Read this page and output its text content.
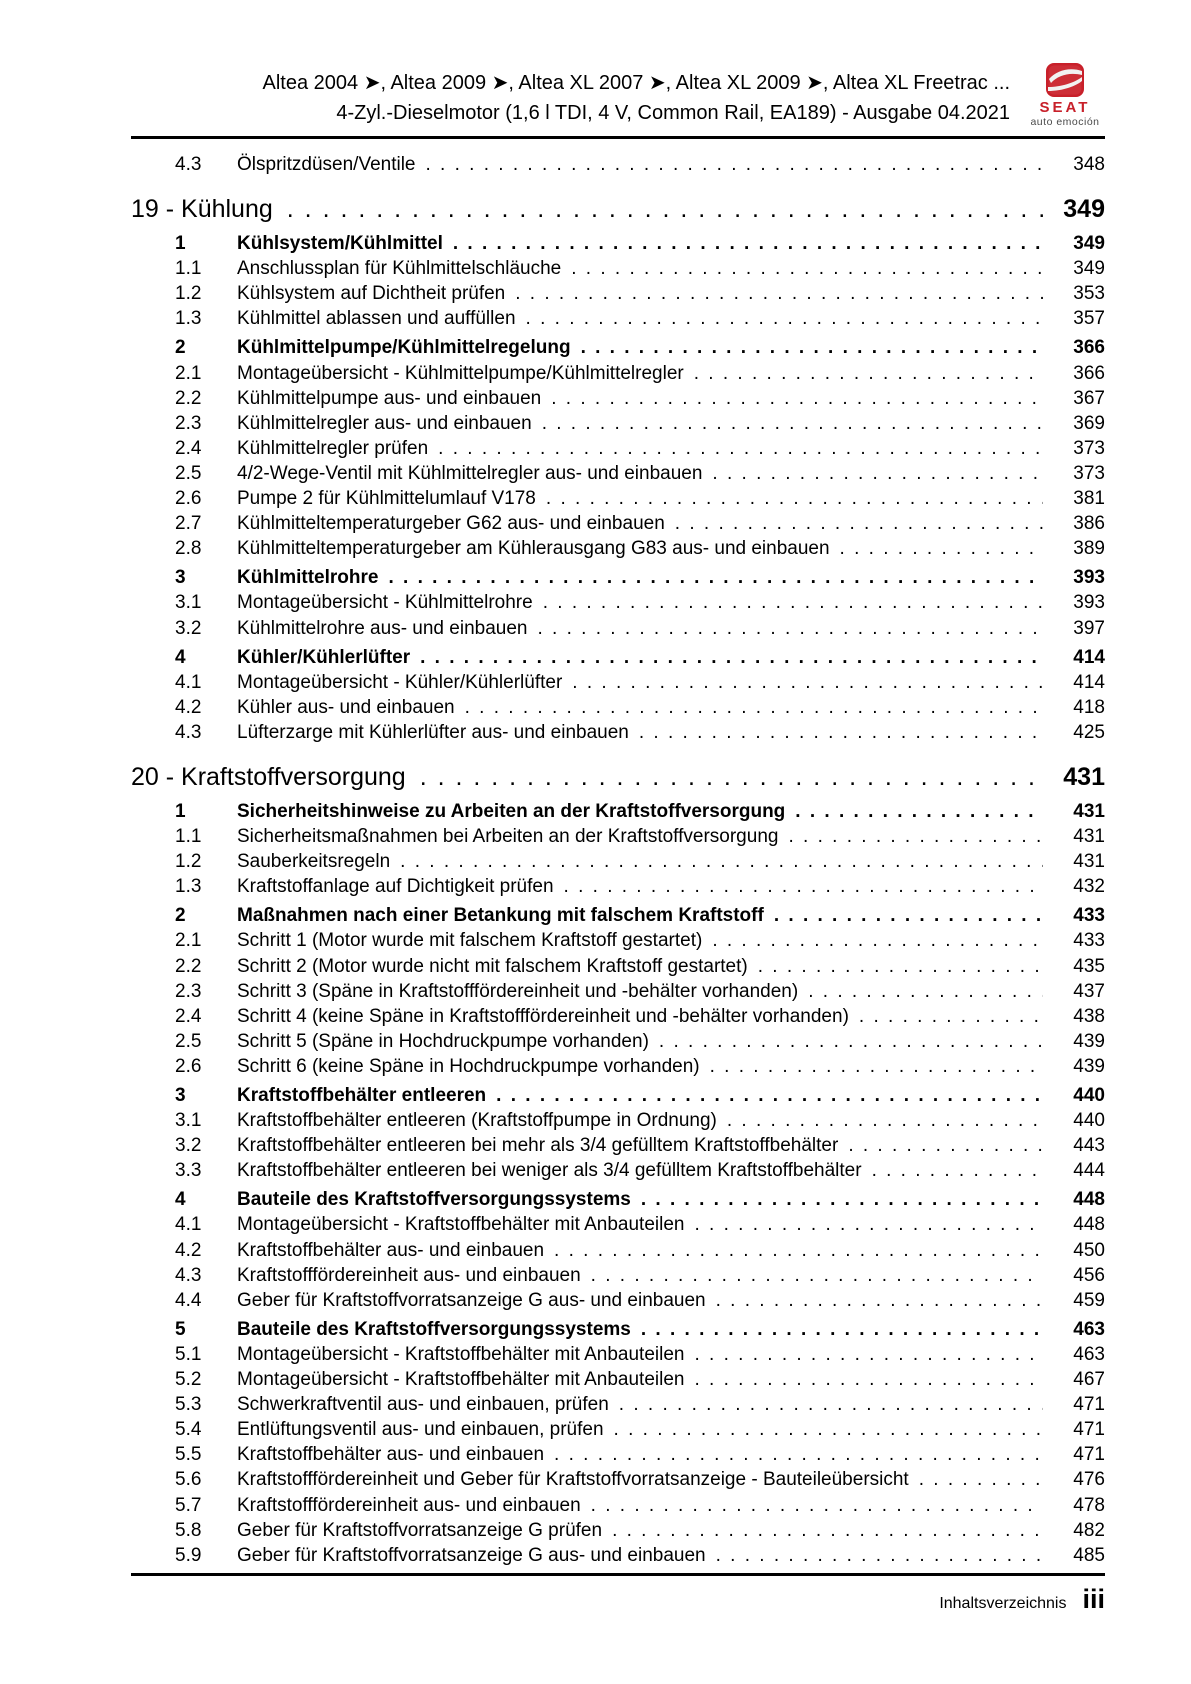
Altea 2004 ➤, Altea 2009 ➤, Altea XL 2007 ➤, Altea XL 2009 ➤, Altea XL Freetrac ...
4-Zyl.-Dieselmotor (1,6 l TDI, 4 V, Common Rail, EA189) - Ausgabe 04.2021	SEAT
auto emoción
4.3	Ölspritzdüsen/Ventile . . .	348
19 - Kühlung . . .	349
1	Kühlsystem/Kühlmittel . . .	349
1.1	Anschlussplan für Kühlmittelschläuche . . .	349
1.2	Kühlsystem auf Dichtheit prüfen . . .	353
1.3	Kühlmittel ablassen und auffüllen . . .	357
2	Kühlmittelpumpe/Kühlmittelregelung . . .	366
2.1	Montageübersicht - Kühlmittelpumpe/Kühlmittelregler . . .	366
2.2	Kühlmittelpumpe aus- und einbauen . . .	367
2.3	Kühlmittelregler aus- und einbauen . . .	369
2.4	Kühlmittelregler prüfen . . .	373
2.5	4/2-Wege-Ventil mit Kühlmittelregler aus- und einbauen . . .	373
2.6	Pumpe 2 für Kühlmittelumlauf V178 . . .	381
2.7	Kühlmitteltemperaturgeber G62 aus- und einbauen . . .	386
2.8	Kühlmitteltemperaturgeber am Kühlerausgang G83 aus- und einbauen . . .	389
3	Kühlmittelrohre . . .	393
3.1	Montageübersicht - Kühlmittelrohre . . .	393
3.2	Kühlmittelrohre aus- und einbauen . . .	397
4	Kühler/Kühlerlüfter . . .	414
4.1	Montageübersicht - Kühler/Kühlerlüfter . . .	414
4.2	Kühler aus- und einbauen . . .	418
4.3	Lüfterzarge mit Kühlerlüfter aus- und einbauen . . .	425
20 - Kraftstoffversorgung . . .	431
1	Sicherheitshinweise zu Arbeiten an der Kraftstoffversorgung . . .	431
1.1	Sicherheitsmaßnahmen bei Arbeiten an der Kraftstoffversorgung . . .	431
1.2	Sauberkeitsregeln . . .	431
1.3	Kraftstoffanlage auf Dichtigkeit prüfen . . .	432
2	Maßnahmen nach einer Betankung mit falschem Kraftstoff . . .	433
2.1	Schritt 1 (Motor wurde mit falschem Kraftstoff gestartet) . . .	433
2.2	Schritt 2 (Motor wurde nicht mit falschem Kraftstoff gestartet) . . .	435
2.3	Schritt 3 (Späne in Kraftstofffördereinheit und -behälter vorhanden) . . .	437
2.4	Schritt 4 (keine Späne in Kraftstofffördereinheit und -behälter vorhanden) . . .	438
2.5	Schritt 5 (Späne in Hochdruckpumpe vorhanden) . . .	439
2.6	Schritt 6 (keine Späne in Hochdruckpumpe vorhanden) . . .	439
3	Kraftstoffbehälter entleeren . . .	440
3.1	Kraftstoffbehälter entleeren (Kraftstoffpumpe in Ordnung) . . .	440
3.2	Kraftstoffbehälter entleeren bei mehr als 3/4 gefülltem Kraftstoffbehälter . . .	443
3.3	Kraftstoffbehälter entleeren bei weniger als 3/4 gefülltem Kraftstoffbehälter . . .	444
4	Bauteile des Kraftstoffversorgungssystems . . .	448
4.1	Montageübersicht - Kraftstoffbehälter mit Anbauteilen . . .	448
4.2	Kraftstoffbehälter aus- und einbauen . . .	450
4.3	Kraftstofffördereinheit aus- und einbauen . . .	456
4.4	Geber für Kraftstoffvorratsanzeige G aus- und einbauen . . .	459
5	Bauteile des Kraftstoffversorgungssystems . . .	463
5.1	Montageübersicht - Kraftstoffbehälter mit Anbauteilen . . .	463
5.2	Montageübersicht - Kraftstoffbehälter mit Anbauteilen . . .	467
5.3	Schwerkraftventil aus- und einbauen, prüfen . . .	471
5.4	Entlüftungsventil aus- und einbauen, prüfen . . .	471
5.5	Kraftstoffbehälter aus- und einbauen . . .	471
5.6	Kraftstofffördereinheit und Geber für Kraftstoffvorratsanzeige - Bauteileübersicht . . .	476
5.7	Kraftstofffördereinheit aus- und einbauen . . .	478
5.8	Geber für Kraftstoffvorratsanzeige G prüfen . . .	482
5.9	Geber für Kraftstoffvorratsanzeige G aus- und einbauen . . .	485
Inhaltsverzeichnis iii
